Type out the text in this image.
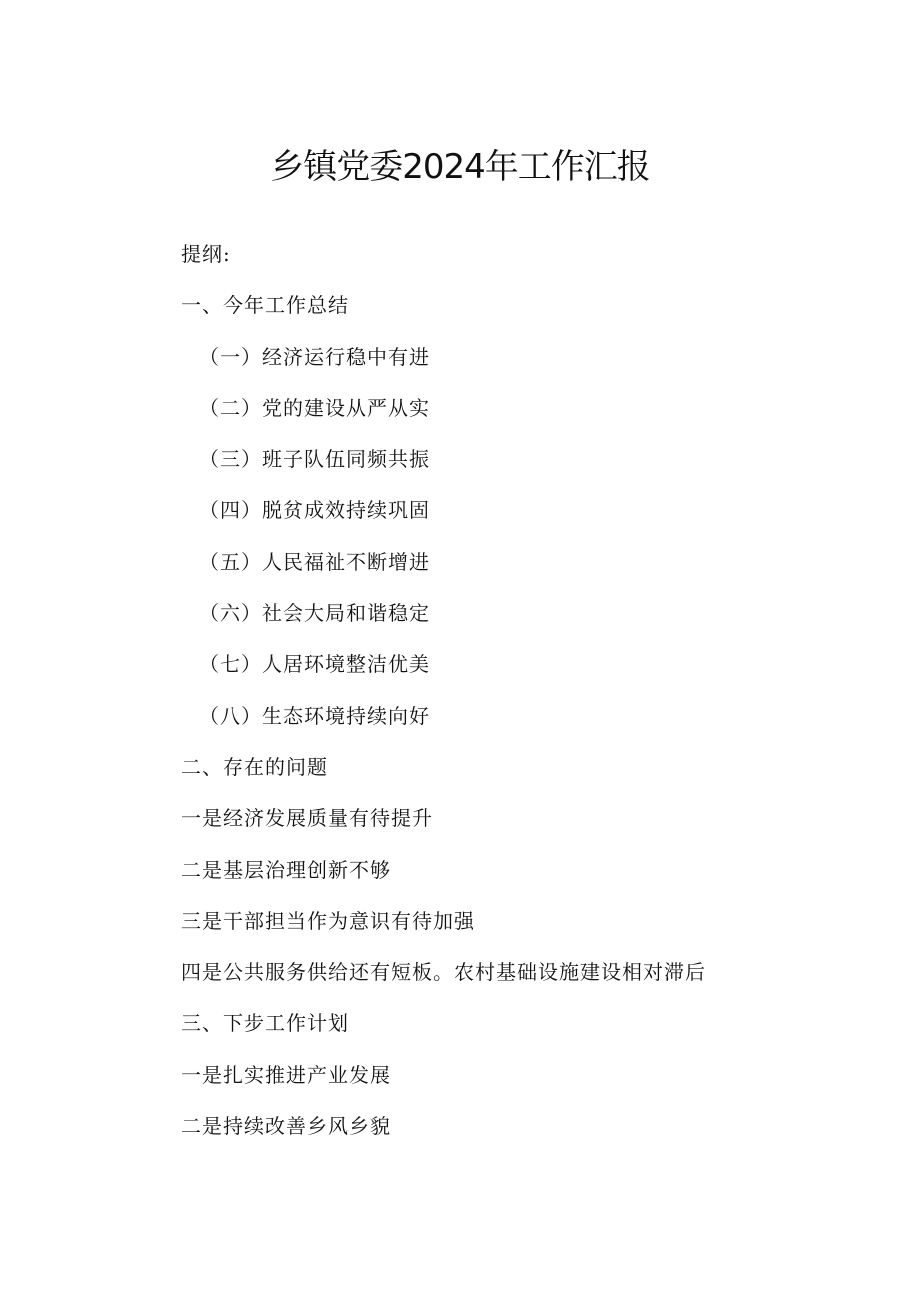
乡镇党委2024年工作汇报
提纲:
一、今年工作总结
（一）经济运行稳中有进
（二）党的建设从严从实
（三）班子队伍同频共振
（四）脱贫成效持续巩固
（五）人民福祉不断增进
（六）社会大局和谐稳定
（七）人居环境整洁优美
（八）生态环境持续向好
二、存在的问题
一是经济发展质量有待提升
二是基层治理创新不够
三是干部担当作为意识有待加强
四是公共服务供给还有短板。农村基础设施建设相对滞后
三、下步工作计划
一是扎实推进产业发展
二是持续改善乡风乡貌
